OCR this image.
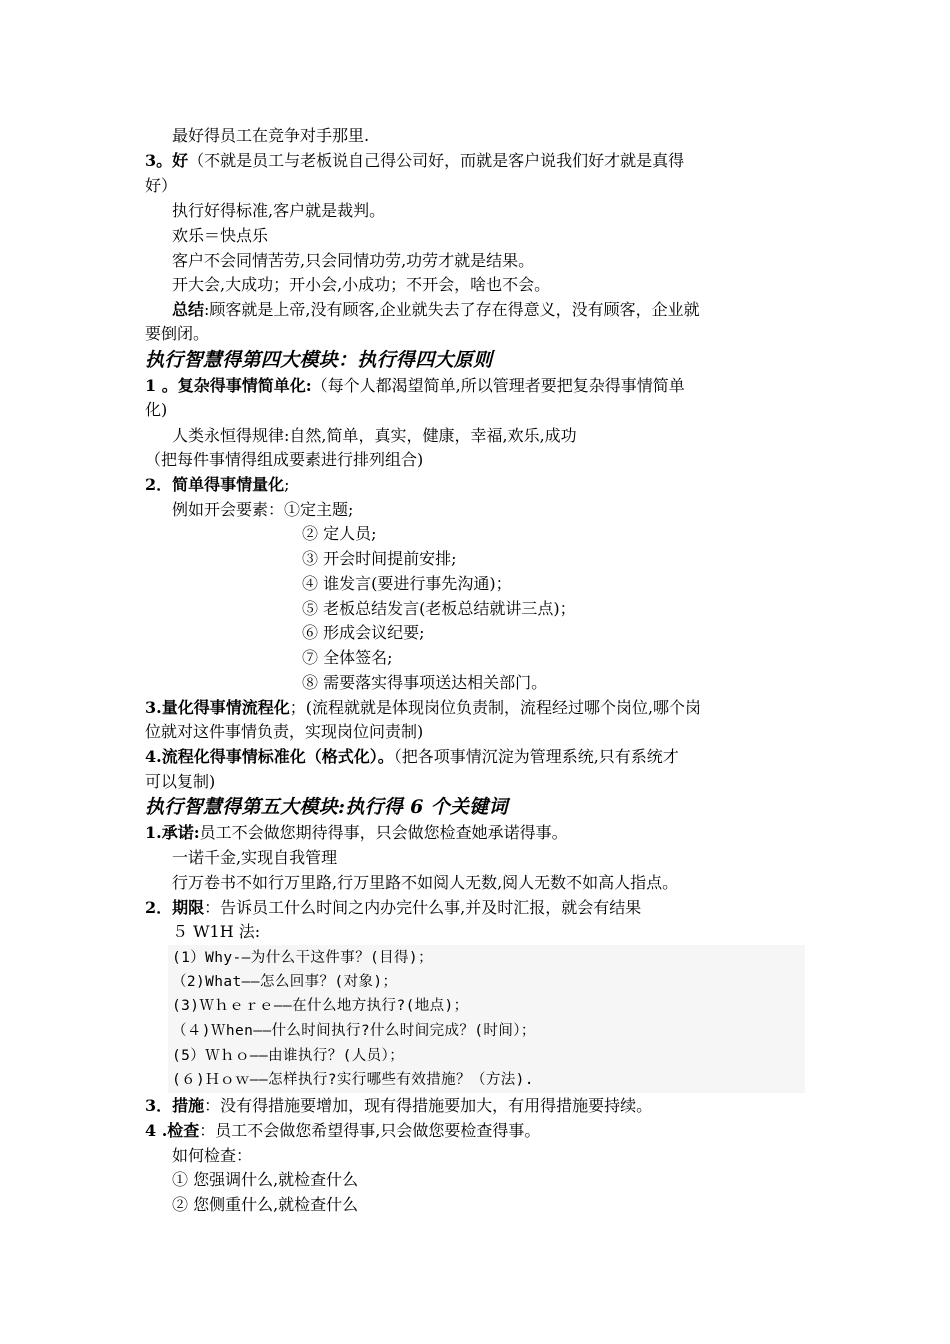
最好得员工在竞争对手那里.
3。好（不就是员工与老板说自己得公司好，而就是客户说我们好才就是真得
好）
执行好得标准,客户就是裁判。
欢乐＝快点乐
客户不会同情苦劳,只会同情功劳,功劳才就是结果。
开大会,大成功；开小会,小成功；不开会，啥也不会。
总结:顾客就是上帝,没有顾客,企业就失去了存在得意义，没有顾客，企业就
要倒闭。
执行智慧得第四大模块：执行得四大原则
1 。复杂得事情简单化:（每个人都渴望简单,所以管理者要把复杂得事情简单
化)
人类永恒得规律:自然,简单，真实，健康，幸福,欢乐,成功
（把每件事情得组成要素进行排列组合)
2．简单得事情量化;
例如开会要素：①定主题;
② 定人员;
③ 开会时间提前安排;
④ 谁发言(要进行事先沟通)；
⑤ 老板总结发言(老板总结就讲三点)；
⑥ 形成会议纪要;
⑦ 全体签名;
⑧ 需要落实得事项送达相关部门。
3.量化得事情流程化；(流程就就是体现岗位负责制，流程经过哪个岗位,哪个岗
位就对这件事情负责，实现岗位问责制)
4.流程化得事情标准化（格式化）。（把各项事情沉淀为管理系统,只有系统才
可以复制)
执行智慧得第五大模块:执行得 6 个关键词
1.承诺:员工不会做您期待得事，只会做您检查她承诺得事。
一诺千金,实现自我管理
行万卷书不如行万里路,行万里路不如阅人无数,阅人无数不如高人指点。
2．期限：告诉员工什么时间之内办完什么事,并及时汇报，就会有结果
５ W1H 法:
(1）Why-—为什么干这件事？(目得)；
（2)What——怎么回事？(对象)；
(3)Ｗｈｅｒｅ——在什么地方执行?(地点)；
（４)Ｗhen——什么时间执行?什么时间完成？(时间）；
(5）Ｗｈｏ——由谁执行？(人员）；
(６)Ｈｏｗ——怎样执行?实行哪些有效措施？（方法).
3．措施：没有得措施要增加，现有得措施要加大，有用得措施要持续。
4 .检查：员工不会做您希望得事,只会做您要检查得事。
如何检查：
① 您强调什么,就检查什么
② 您侧重什么,就检查什么
